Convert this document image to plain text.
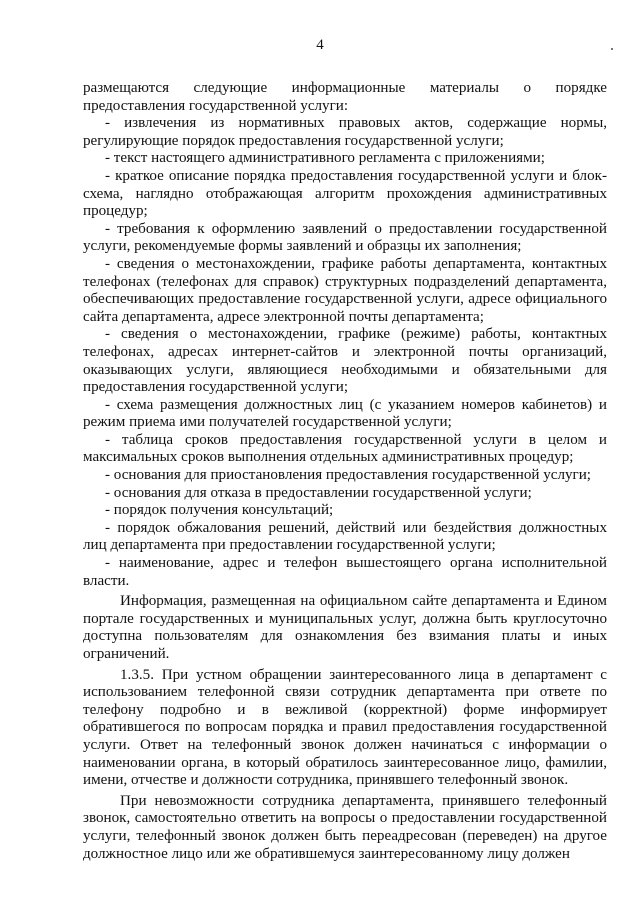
4

размещаются следующие информационные материалы о порядке предоставления государственной услуги:

- извлечения из нормативных правовых актов, содержащие нормы, регулирующие порядок предоставления государственной услуги;

- текст настоящего административного регламента с приложениями;

- краткое описание порядка предоставления государственной услуги и блок-схема, наглядно отображающая алгоритм прохождения административных процедур;

- требования к оформлению заявлений о предоставлении государственной услуги, рекомендуемые формы заявлений и образцы их заполнения;

- сведения о местонахождении, графике работы департамента, контактных телефонах (телефонах для справок) структурных подразделений департамента, обеспечивающих предоставление государственной услуги, адресе официального сайта департамента, адресе электронной почты департамента;

- сведения о местонахождении, графике (режиме) работы, контактных телефонах, адресах интернет-сайтов и электронной почты организаций, оказывающих услуги, являющиеся необходимыми и обязательными для предоставления государственной услуги;

- схема размещения должностных лиц (с указанием номеров кабинетов) и режим приема ими получателей государственной услуги;

- таблица сроков предоставления государственной услуги в целом и максимальных сроков выполнения отдельных административных процедур;

- основания для приостановления предоставления государственной услуги;

- основания для отказа в предоставлении государственной услуги;

- порядок получения консультаций;

- порядок обжалования решений, действий или бездействия должностных лиц департамента при предоставлении государственной услуги;

- наименование, адрес и телефон вышестоящего органа исполнительной власти.

Информация, размещенная на официальном сайте департамента и Едином портале государственных и муниципальных услуг, должна быть круглосуточно доступна пользователям для ознакомления без взимания платы и иных ограничений.

1.3.5. При устном обращении заинтересованного лица в департамент с использованием телефонной связи сотрудник департамента при ответе по телефону подробно и в вежливой (корректной) форме информирует обратившегося по вопросам порядка и правил предоставления государственной услуги. Ответ на телефонный звонок должен начинаться с информации о наименовании органа, в который обратилось заинтересованное лицо, фамилии, имени, отчестве и должности сотрудника, принявшего телефонный звонок.

При невозможности сотрудника департамента, принявшего телефонный звонок, самостоятельно ответить на вопросы о предоставлении государственной услуги, телефонный звонок должен быть переадресован (переведен) на другое должностное лицо или же обратившемуся заинтересованному лицу должен
